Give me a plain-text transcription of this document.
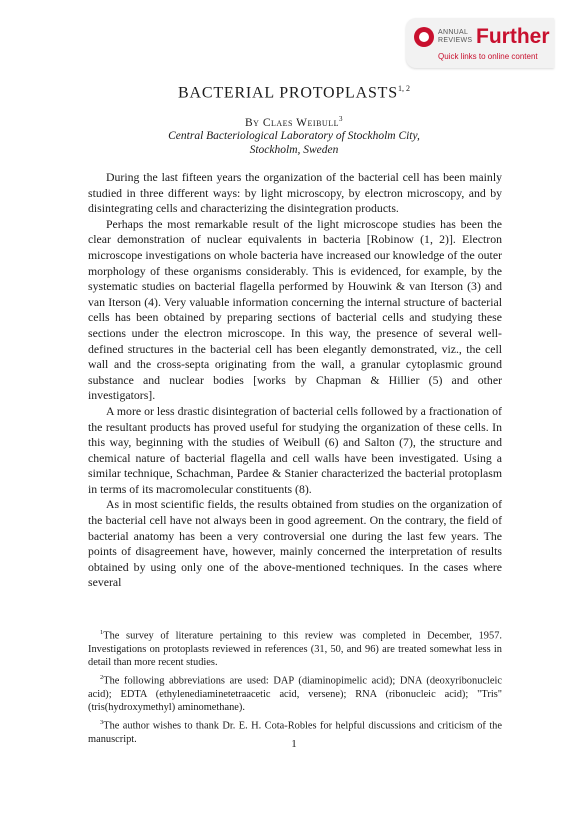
ANNUAL
REVIEWS Further
Quick links to online content
BACTERIAL PROTOPLASTS$^{1, 2}$
By Claes Weibull$^3$
Central Bacteriological Laboratory of Stockholm City,
Stockholm, Sweden

During the last fifteen years the organization of the bacterial cell has been mainly studied in three different ways: by light microscopy, by electron microscopy, and by disintegrating cells and characterizing the disintegration products.

Perhaps the most remarkable result of the light microscope studies has been the clear demonstration of nuclear equivalents in bacteria [Robinow (1, 2)]. Electron microscope investigations on whole bacteria have increased our knowledge of the outer morphology of these organisms considerably. This is evidenced, for example, by the systematic studies on bacterial flagella performed by Houwink & van Iterson (3) and van Iterson (4). Very valuable information concerning the internal structure of bacterial cells has been obtained by preparing sections of bacterial cells and studying these sections under the electron microscope. In this way, the presence of several well-defined structures in the bacterial cell has been elegantly demonstrated, viz., the cell wall and the cross-septa originating from the wall, a granular cytoplasmic ground substance and nuclear bodies [works by Chapman & Hillier (5) and other investigators].

A more or less drastic disintegration of bacterial cells followed by a fractionation of the resultant products has proved useful for studying the organization of these cells. In this way, beginning with the studies of Weibull (6) and Salton (7), the structure and chemical nature of bacterial flagella and cell walls have been investigated. Using a similar technique, Schachman, Pardee & Stanier characterized the bacterial protoplasm in terms of its macromolecular constituents (8).

As in most scientific fields, the results obtained from studies on the organization of the bacterial cell have not always been in good agreement. On the contrary, the field of bacterial anatomy has been a very controversial one during the last few years. The points of disagreement have, however, mainly concerned the interpretation of results obtained by using only one of the above-mentioned techniques. In the cases where several

$^1$The survey of literature pertaining to this review was completed in December, 1957. Investigations on protoplasts reviewed in references (31, 50, and 96) are treated somewhat less in detail than more recent studies.

$^2$The following abbreviations are used: DAP (diaminopimelic acid); DNA (deoxyribonucleic acid); EDTA (ethylenediaminetetraacetic acid, versene); RNA (ribonucleic acid); "Tris" (tris(hydroxymethyl) aminomethane).

$^3$The author wishes to thank Dr. E. H. Cota-Robles for helpful discussions and criticism of the manuscript.	1
